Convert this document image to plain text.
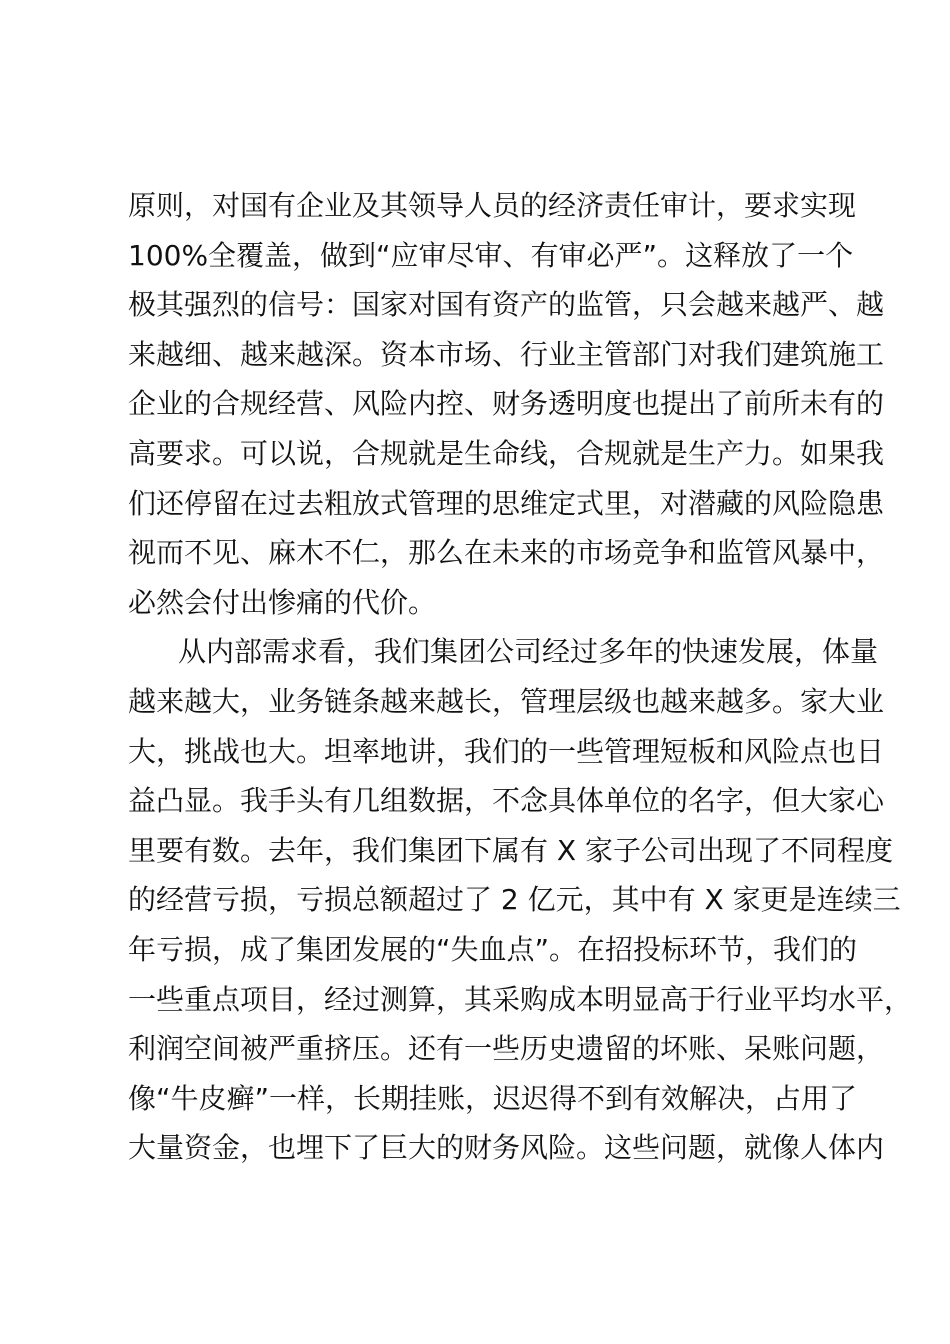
原则，对国有企业及其领导人员的经济责任审计，要求实现
100%全覆盖，做到“应审尽审、有审必严”。这释放了一个
极其强烈的信号：国家对国有资产的监管，只会越来越严、越
来越细、越来越深。资本市场、行业主管部门对我们建筑施工
企业的合规经营、风险内控、财务透明度也提出了前所未有的
高要求。可以说，合规就是生命线，合规就是生产力。如果我
们还停留在过去粗放式管理的思维定式里，对潜藏的风险隐患
视而不见、麻木不仁，那么在未来的市场竞争和监管风暴中，
必然会付出惨痛的代价。
从内部需求看，我们集团公司经过多年的快速发展，体量
越来越大，业务链条越来越长，管理层级也越来越多。家大业
大，挑战也大。坦率地讲，我们的一些管理短板和风险点也日
益凸显。我手头有几组数据，不念具体单位的名字，但大家心
里要有数。去年，我们集团下属有 X 家子公司出现了不同程度
的经营亏损，亏损总额超过了 2 亿元，其中有 X 家更是连续三
年亏损，成了集团发展的“失血点”。在招投标环节，我们的
一些重点项目，经过测算，其采购成本明显高于行业平均水平，
利润空间被严重挤压。还有一些历史遗留的坏账、呆账问题，
像“牛皮癣”一样，长期挂账，迟迟得不到有效解决，占用了
大量资金，也埋下了巨大的财务风险。这些问题，就像人体内
